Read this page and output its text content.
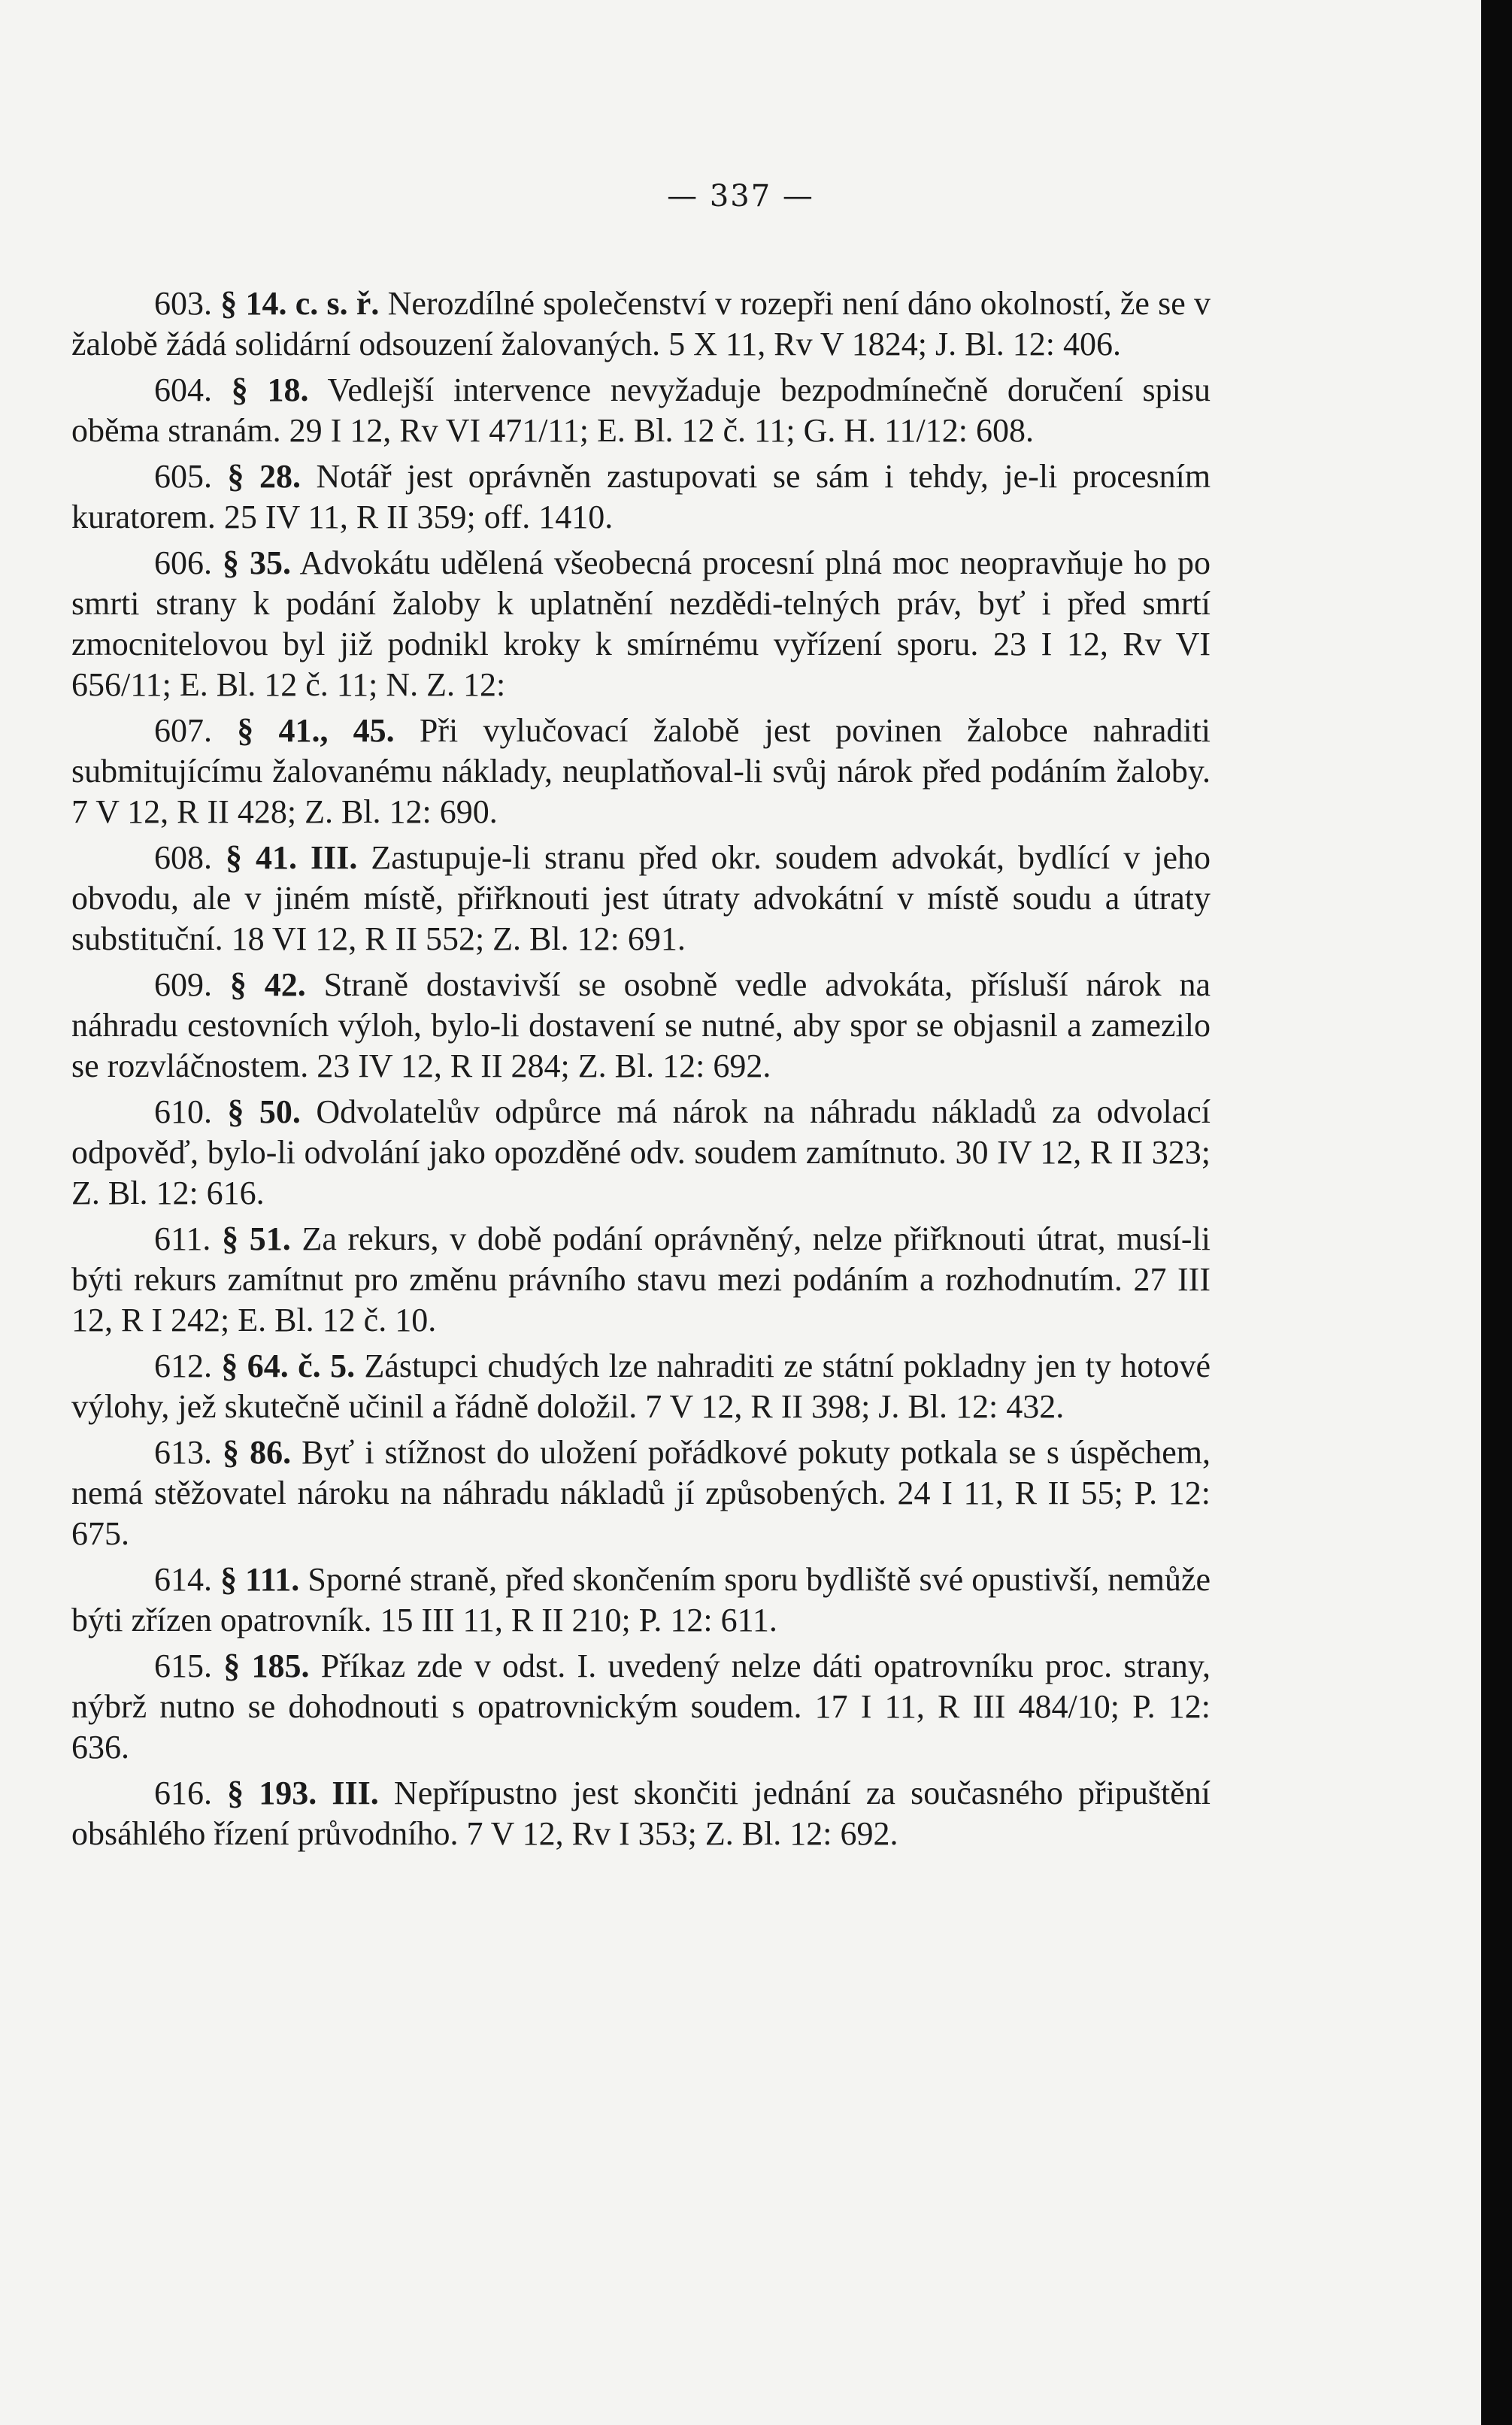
— 337 —

603. § 14. c. s. ř. Nerozdílné společenství v rozepři není dáno okolností, že se v žalobě žádá solidární odsouzení žalovaných. 5 X 11, Rv V 1824; J. Bl. 12: 406.

604. § 18. Vedlejší intervence nevyžaduje bezpodmínečně doručení spisu oběma stranám. 29 I 12, Rv VI 471/11; E. Bl. 12 č. 11; G. H. 11/12: 608.

605. § 28. Notář jest oprávněn zastupovati se sám i tehdy, je-li procesním kuratorem. 25 IV 11, R II 359; off. 1410.

606. § 35. Advokátu udělená všeobecná procesní plná moc neopravňuje ho po smrti strany k podání žaloby k uplatnění nezdědi-telných práv, byť i před smrtí zmocnitelovou byl již podnikl kroky k smírnému vyřízení sporu. 23 I 12, Rv VI 656/11; E. Bl. 12 č. 11; N. Z. 12:

607. § 41., 45. Při vylučovací žalobě jest povinen žalobce nahraditi submitujícímu žalovanému náklady, neuplatňoval-li svůj nárok před podáním žaloby. 7 V 12, R II 428; Z. Bl. 12: 690.

608. § 41. III. Zastupuje-li stranu před okr. soudem advokát, bydlící v jeho obvodu, ale v jiném místě, přiřknouti jest útraty advokátní v místě soudu a útraty substituční. 18 VI 12, R II 552; Z. Bl. 12: 691.

609. § 42. Straně dostavivší se osobně vedle advokáta, přísluší nárok na náhradu cestovních výloh, bylo-li dostavení se nutné, aby spor se objasnil a zamezilo se rozvláčnostem. 23 IV 12, R II 284; Z. Bl. 12: 692.

610. § 50. Odvolatelův odpůrce má nárok na náhradu nákladů za odvolací odpověď, bylo-li odvolání jako opozděné odv. soudem zamítnuto. 30 IV 12, R II 323; Z. Bl. 12: 616.

611. § 51. Za rekurs, v době podání oprávněný, nelze přiřknouti útrat, musí-li býti rekurs zamítnut pro změnu právního stavu mezi podáním a rozhodnutím. 27 III 12, R I 242; E. Bl. 12 č. 10.

612. § 64. č. 5. Zástupci chudých lze nahraditi ze státní pokladny jen ty hotové výlohy, jež skutečně učinil a řádně doložil. 7 V 12, R II 398; J. Bl. 12: 432.

613. § 86. Byť i stížnost do uložení pořádkové pokuty potkala se s úspěchem, nemá stěžovatel nároku na náhradu nákladů jí způsobených. 24 I 11, R II 55; P. 12: 675.

614. § 111. Sporné straně, před skončením sporu bydliště své opustivší, nemůže býti zřízen opatrovník. 15 III 11, R II 210; P. 12: 611.

615. § 185. Příkaz zde v odst. I. uvedený nelze dáti opatrovníku proc. strany, nýbrž nutno se dohodnouti s opatrovnickým soudem. 17 I 11, R III 484/10; P. 12: 636.

616. § 193. III. Nepřípustno jest skončiti jednání za současného připuštění obsáhlého řízení průvodního. 7 V 12, Rv I 353; Z. Bl. 12: 692.
